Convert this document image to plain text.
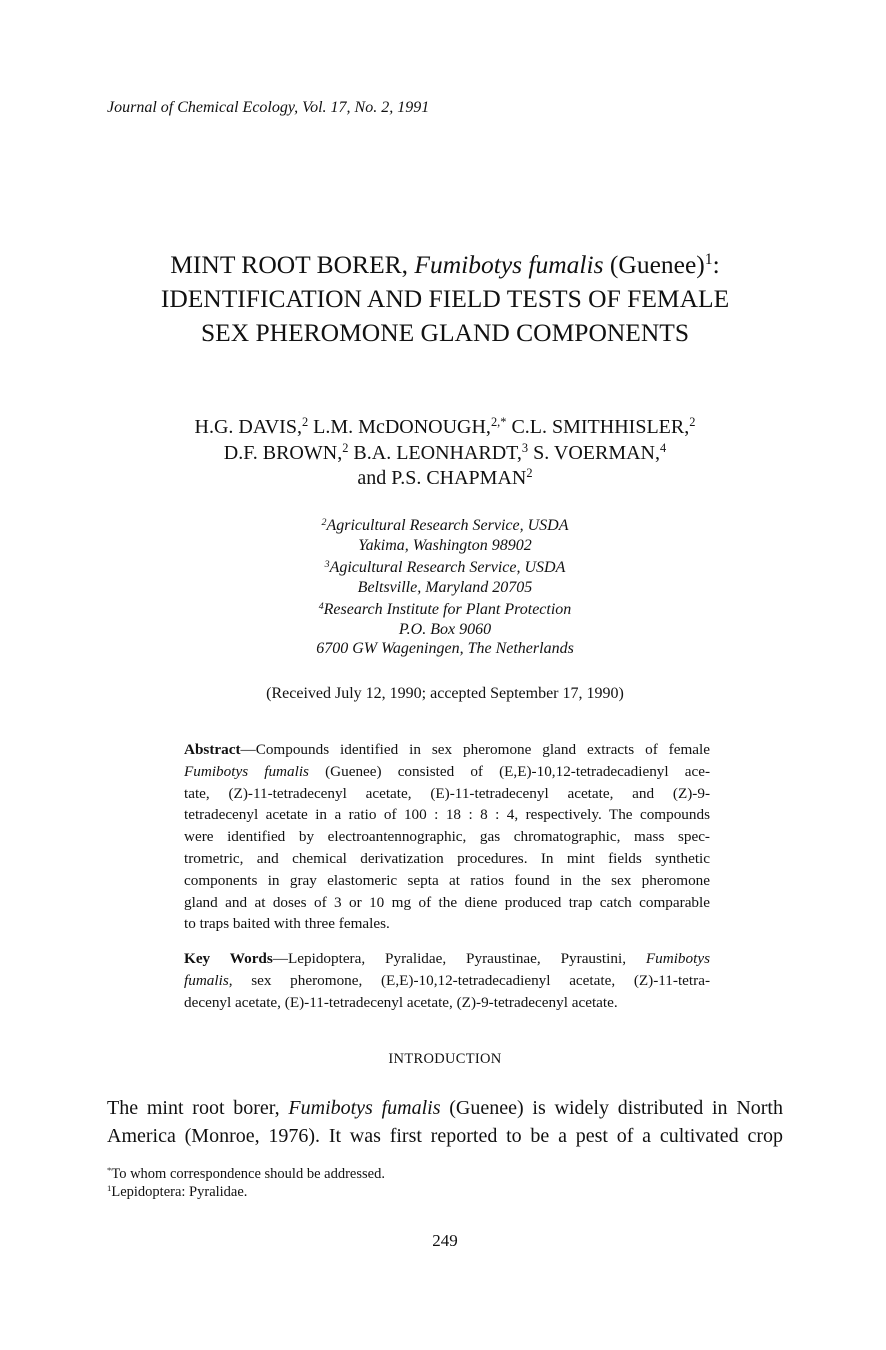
Journal of Chemical Ecology, Vol. 17, No. 2, 1991
MINT ROOT BORER, Fumibotys fumalis (Guenee)$^1$:
IDENTIFICATION AND FIELD TESTS OF FEMALE
SEX PHEROMONE GLAND COMPONENTS
H.G. DAVIS,$^2$ L.M. McDONOUGH,$^{2,*}$ C.L. SMITHHISLER,$^2$
D.F. BROWN,$^2$ B.A. LEONHARDT,$^3$ S. VOERMAN,$^4$
and P.S. CHAPMAN$^2$
$^2$Agricultural Research Service, USDA
Yakima, Washington 98902
$^3$Agicultural Research Service, USDA
Beltsville, Maryland 20705
$^4$Research Institute for Plant Protection
P.O. Box 9060
6700 GW Wageningen, The Netherlands
(Received July 12, 1990; accepted September 17, 1990)
Abstract—Compounds identified in sex pheromone gland extracts of female
Fumibotys fumalis (Guenee) consisted of (E,E)-10,12-tetradecadienyl ace-
tate, (Z)-11-tetradecenyl acetate, (E)-11-tetradecenyl acetate, and (Z)-9-
tetradecenyl acetate in a ratio of 100 : 18 : 8 : 4, respectively. The compounds
were identified by electroantennographic, gas chromatographic, mass spec-
trometric, and chemical derivatization procedures. In mint fields synthetic
components in gray elastomeric septa at ratios found in the sex pheromone
gland and at doses of 3 or 10 mg of the diene produced trap catch comparable
to traps baited with three females.
Key Words—Lepidoptera, Pyralidae, Pyraustinae, Pyraustini, Fumibotys
fumalis, sex pheromone, (E,E)-10,12-tetradecadienyl acetate, (Z)-11-tetra-
decenyl acetate, (E)-11-tetradecenyl acetate, (Z)-9-tetradecenyl acetate.
INTRODUCTION
The mint root borer, Fumibotys fumalis (Guenee) is widely distributed in North
America (Monroe, 1976). It was first reported to be a pest of a cultivated crop
*To whom correspondence should be addressed.
$^1$Lepidoptera: Pyralidae.
249
